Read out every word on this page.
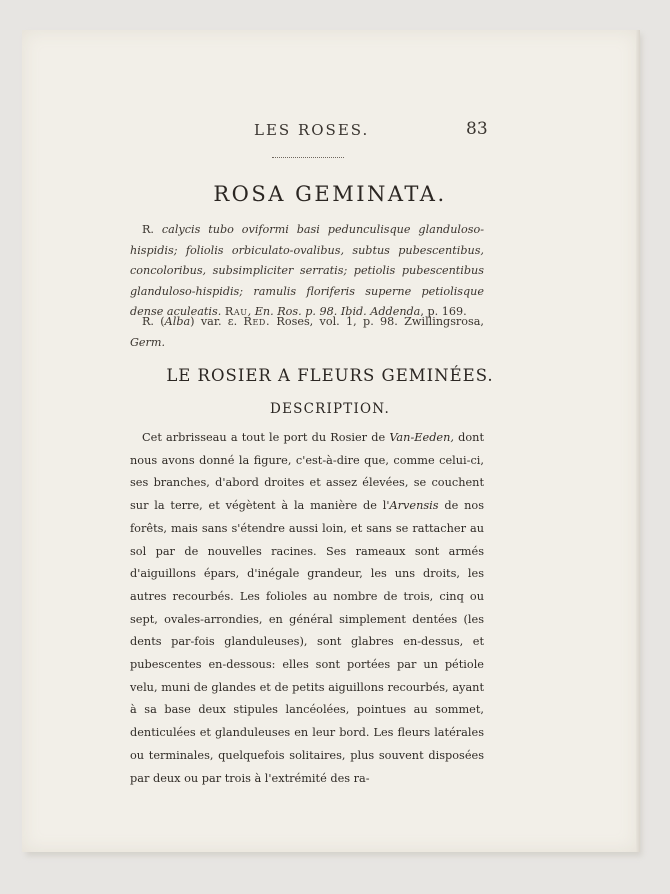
LES ROSES.	83
ROSA GEMINATA.
R. calycis tubo oviformi basi pedunculisque glanduloso-hispidis; foliolis orbiculato-ovalibus, subtus pubescentibus, concoloribus, subsimpliciter serratis; petiolis pubescentibus glanduloso-hispidis; ramulis floriferis superne petiolisque dense aculeatis. Rau, En. Ros. p. 98. Ibid. Addenda, p. 169.

R. (Alba) var. ε. Red. Roses, vol. 1, p. 98. Zwillingsrosa, Germ.

LE ROSIER A FLEURS GEMINÉES.
DESCRIPTION.
Cet arbrisseau a tout le port du Rosier de Van-Eeden, dont nous avons donné la figure, c'est-à-dire que, comme celui-ci, ses branches, d'abord droites et assez élevées, se couchent sur la terre, et végètent à la manière de l'Arvensis de nos forêts, mais sans s'étendre aussi loin, et sans se rattacher au sol par de nouvelles racines. Ses rameaux sont armés d'aiguillons épars, d'inégale grandeur, les uns droits, les autres recourbés. Les folioles au nombre de trois, cinq ou sept, ovales-arrondies, en général simplement dentées (les dents par-fois glanduleuses), sont glabres en-dessus, et pubescentes en-dessous: elles sont portées par un pétiole velu, muni de glandes et de petits aiguillons recourbés, ayant à sa base deux stipules lancéolées, pointues au sommet, denticulées et glanduleuses en leur bord. Les fleurs latérales ou terminales, quelquefois solitaires, plus souvent disposées par deux ou par trois à l'extrémité des ra-
